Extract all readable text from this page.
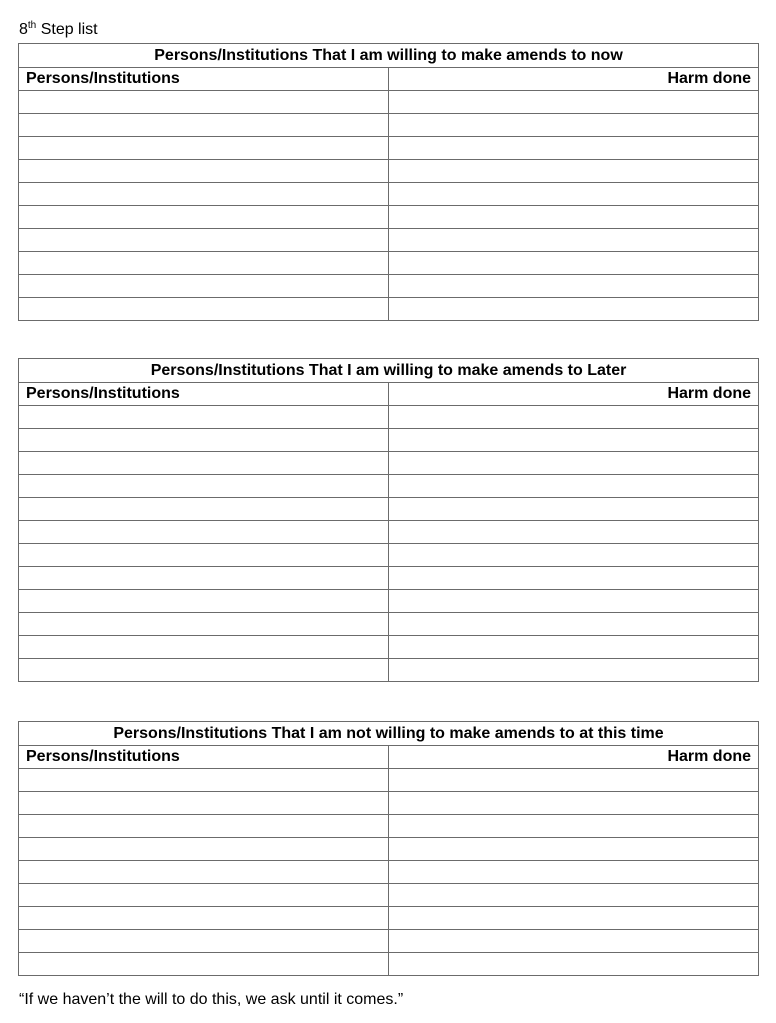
8th Step list
Persons/Institutions That I am willing to make amends to now	
Persons/Institutions	Harm done

Persons/Institutions That I am willing to make amends to Later	
Persons/Institutions	Harm done

Persons/Institutions That I am not willing to make amends to at this time	
Persons/Institutions	Harm done

“If we haven’t the will to do this, we ask until it comes.”
